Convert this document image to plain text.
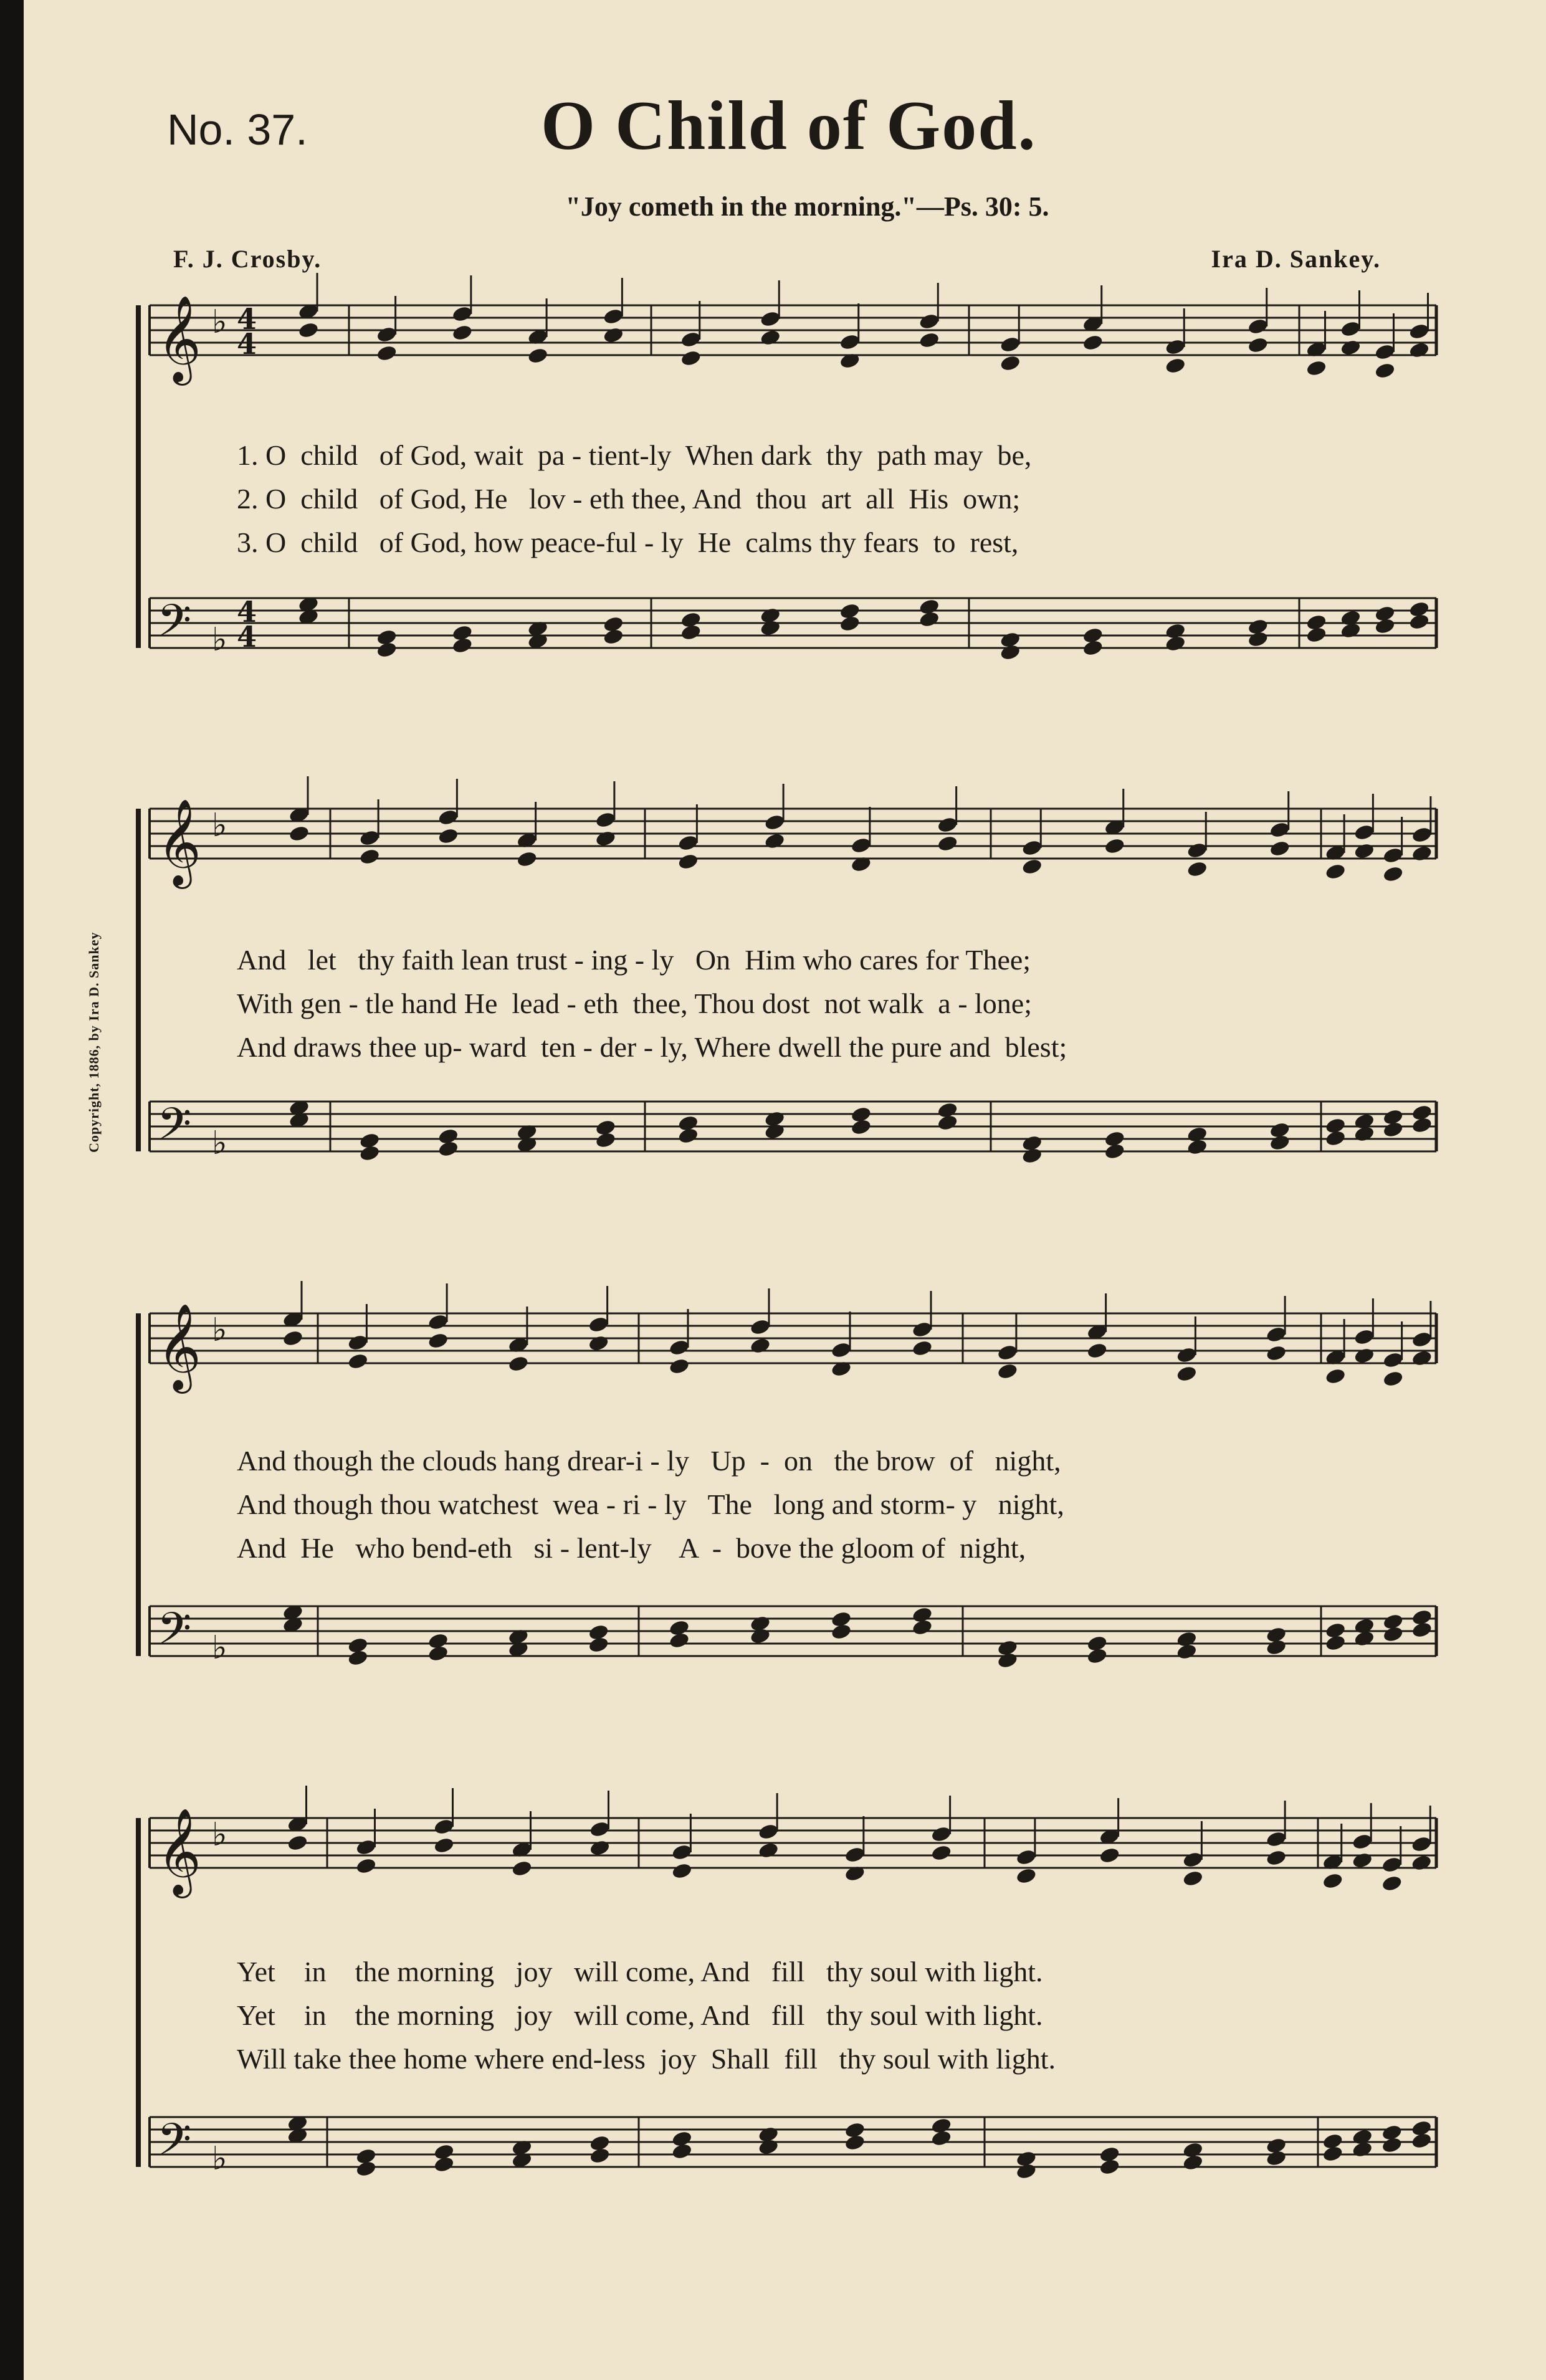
No. 37.	O Child of God.
"Joy cometh in the morning."—Ps. 30: 5.
F. J. Crosby.	Ira D. Sankey.
Copyright, 1886, by Ira D. Sankey
𝄞 ♭ 4
4
𝄢 ♭
4
4
𝄞 ♭
𝄢 ♭
𝄞 ♭
𝄢 ♭
𝄞 ♭
𝄢 ♭
1. O  child   of God, wait  pa - tient-ly  When dark  thy  path may  be,
2. O  child   of God, He   lov - eth thee, And  thou  art  all  His  own;
3. O  child   of God, how peace-ful - ly  He  calms thy fears  to  rest,
And   let   thy faith lean trust - ing - ly   On  Him who cares for Thee;
With gen - tle hand He  lead - eth  thee, Thou dost  not walk  a - lone;
And draws thee up- ward  ten - der - ly, Where dwell the pure and  blest;
And though the clouds hang drear-i - ly   Up  -  on   the brow  of   night,
And though thou watchest  wea - ri - ly   The   long and storm- y   night,
And  He   who bend-eth   si - lent-ly    A  -  bove the gloom of  night,
Yet    in    the morning   joy   will come, And   fill   thy soul with light.
Yet    in    the morning   joy   will come, And   fill   thy soul with light.
Will take thee home where end-less  joy  Shall  fill   thy soul with light.
